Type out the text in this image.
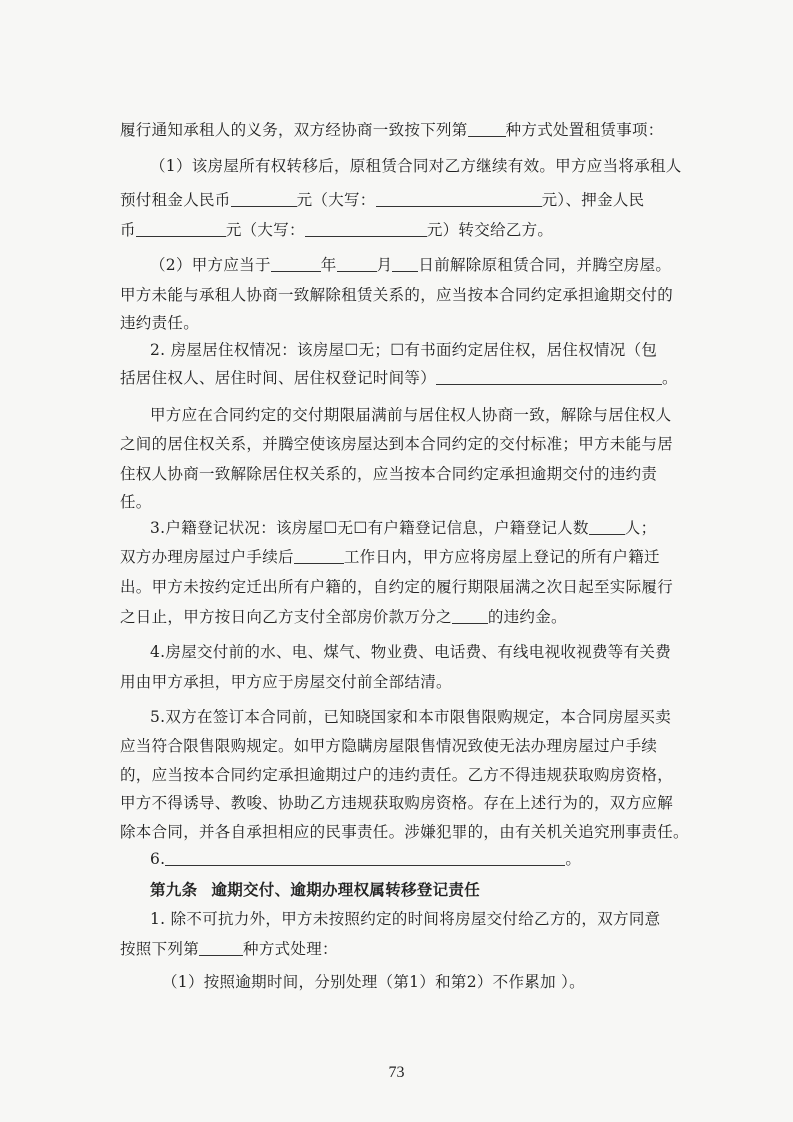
履行通知承租人的义务，双方经协商一致按下列第 种方式处置租赁事项：
（1）该房屋所有权转移后，原租赁合同对乙方继续有效。甲方应当将承租人
预付租金人民币	元（大写：	元）、押金人民
币	元（大写：	元）转交给乙方。
（2）甲方应当于	年	月 日前解除原租赁合同，并腾空房屋。
甲方未能与承租人协商一致解除租赁关系的，应当按本合同约定承担逾期交付的
违约责任。
2. 房屋居住权情况：该房屋☐无；☐有书面约定居住权，居住权情况（包
括居住权人、居住时间、居住权登记时间等）	。
甲方应在合同约定的交付期限届满前与居住权人协商一致，解除与居住权人
之间的居住权关系，并腾空使该房屋达到本合同约定的交付标准；甲方未能与居
住权人协商一致解除居住权关系的，应当按本合同约定承担逾期交付的违约责
任。
3.户籍登记状况：该房屋☐无☐有户籍登记信息，户籍登记人数 人；
双方办理房屋过户手续后	工作日内，甲方应将房屋上登记的所有户籍迁
出。甲方未按约定迁出所有户籍的，自约定的履行期限届满之次日起至实际履行
之日止，甲方按日向乙方支付全部房价款万分之 的违约金。
4.房屋交付前的水、电、煤气、物业费、电话费、有线电视收视费等有关费
用由甲方承担，甲方应于房屋交付前全部结清。
5.双方在签订本合同前，已知晓国家和本市限售限购规定，本合同房屋买卖
应当符合限售限购规定。如甲方隐瞒房屋限售情况致使无法办理房屋过户手续
的，应当按本合同约定承担逾期过户的违约责任。乙方不得违规获取购房资格，
甲方不得诱导、教唆、协助乙方违规获取购房资格。存在上述行为的，双方应解
除本合同，并各自承担相应的民事责任。涉嫌犯罪的，由有关机关追究刑事责任。
6.	。
第九条 逾期交付、逾期办理权属转移登记责任
1. 除不可抗力外，甲方未按照约定的时间将房屋交付给乙方的，双方同意
按照下列第	种方式处理：
（1）按照逾期时间，分别处理（第1）和第2）不作累加 ）。
73
